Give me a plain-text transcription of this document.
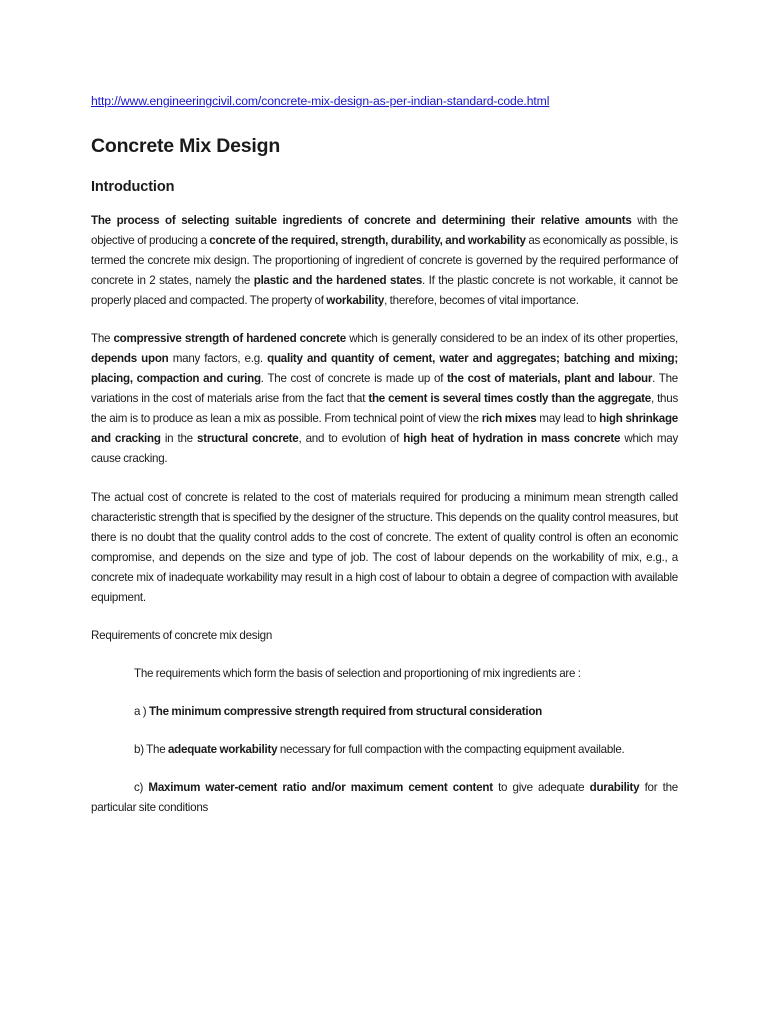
http://www.engineeringcivil.com/concrete-mix-design-as-per-indian-standard-code.html
Concrete Mix Design
Introduction

The process of selecting suitable ingredients of concrete and determining their relative amounts with the objective of producing a concrete of the required, strength, durability, and workability as economically as possible, is termed the concrete mix design. The proportioning of ingredient of concrete is governed by the required performance of concrete in 2 states, namely the plastic and the hardened states. If the plastic concrete is not workable, it cannot be properly placed and compacted. The property of workability, therefore, becomes of vital importance.

The compressive strength of hardened concrete which is generally considered to be an index of its other properties, depends upon many factors, e.g. quality and quantity of cement, water and aggregates; batching and mixing; placing, compaction and curing. The cost of concrete is made up of the cost of materials, plant and labour. The variations in the cost of materials arise from the fact that the cement is several times costly than the aggregate, thus the aim is to produce as lean a mix as possible. From technical point of view the rich mixes may lead to high shrinkage and cracking in the structural concrete, and to evolution of high heat of hydration in mass concrete which may cause cracking.

The actual cost of concrete is related to the cost of materials required for producing a minimum mean strength called characteristic strength that is specified by the designer of the structure. This depends on the quality control measures, but there is no doubt that the quality control adds to the cost of concrete. The extent of quality control is often an economic compromise, and depends on the size and type of job. The cost of labour depends on the workability of mix, e.g., a concrete mix of inadequate workability may result in a high cost of labour to obtain a degree of compaction with available equipment.

Requirements of concrete mix design

The requirements which form the basis of selection and proportioning of mix ingredients are :

a ) The minimum compressive strength required from structural consideration

b) The adequate workability necessary for full compaction with the compacting equipment available.

c) Maximum water-cement ratio and/or maximum cement content to give adequate durability for the particular site conditions
